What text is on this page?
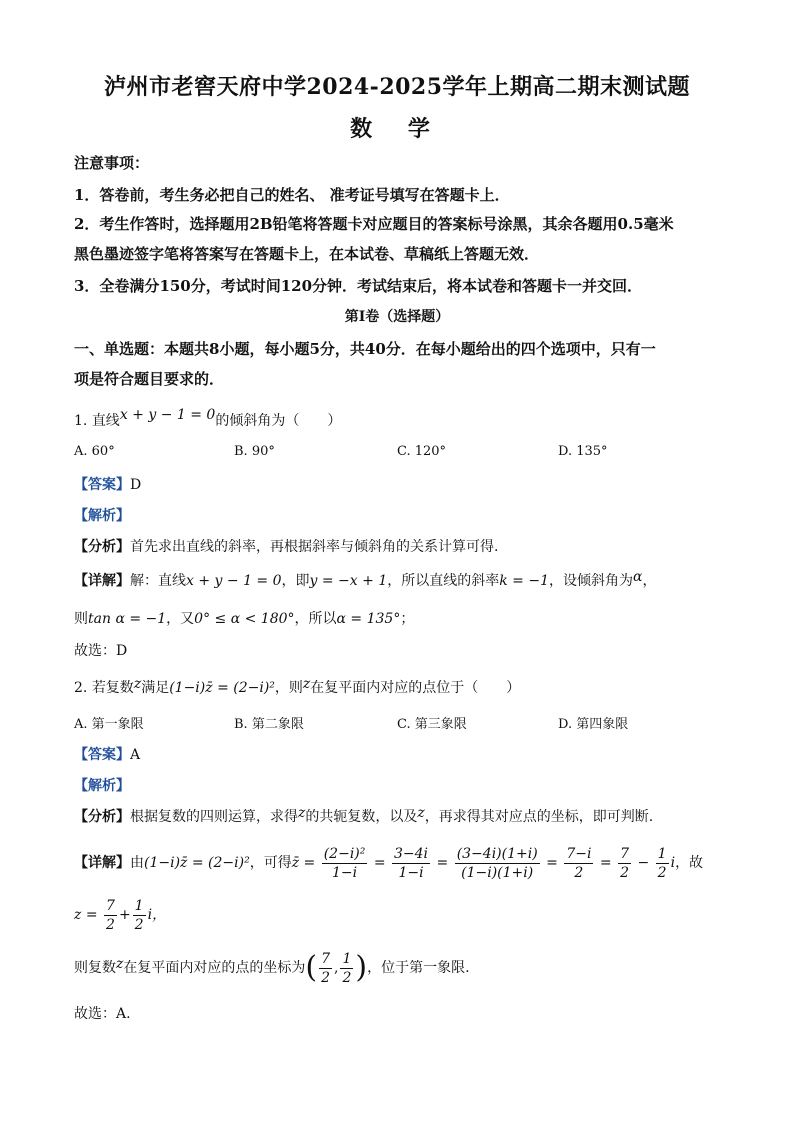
泸州市老窖天府中学2024-2025学年上期高二期末测试题
数 学
注意事项：
1．答卷前，考生务必把自己的姓名、 准考证号填写在答题卡上．
2．考生作答时，选择题用2B铅笔将答题卡对应题目的答案标号涂黑，其余各题用0.5毫米
黑色墨迹签字笔将答案写在答题卡上，在本试卷、草稿纸上答题无效．
3．全卷满分150分，考试时间120分钟．考试结束后，将本试卷和答题卡一并交回．
第Ⅰ卷（选择题）
一、单选题：本题共8小题，每小题5分，共40分．在每小题给出的四个选项中，只有一
项是符合题目要求的．
1. 直线x + y − 1 = 0的倾斜角为（　　）
A. 60°	B. 90°	C. 120°	D. 135°
【答案】D
【解析】
【分析】首先求出直线的斜率，再根据斜率与倾斜角的关系计算可得.
【详解】解：直线x + y − 1 = 0，即y = −x + 1，所以直线的斜率k = −1，设倾斜角为α，
则tan α = −1，又0° ≤ α < 180°，所以α = 135°；
故选：D
2. 若复数z满足(1−i)z̄ = (2−i)²，则z在复平面内对应的点位于（　　）
A. 第一象限	B. 第二象限	C. 第三象限	D. 第四象限
【答案】A
【解析】
【分析】根据复数的四则运算，求得z的共轭复数，以及z，再求得其对应点的坐标，即可判断.
【详解】由(1−i)z̄ = (2−i)²，可得z̄ = $\frac{\text{(2−i)²}}{1-i} = \frac{3-4i}{1-i} = \frac{(3-4i)(1+i)}{(1-i)(1+i)} = \frac{7-i}{2} = \frac{7}{2} - \frac{1}{2}$ i，故
$z = \frac{7}{2} + \frac{1}{2}$ i，
则复数z在复平面内对应的点的坐标为( $\frac{7}{2}$ , $\frac{1}{2}$ )，位于第一象限.
故选：A.
